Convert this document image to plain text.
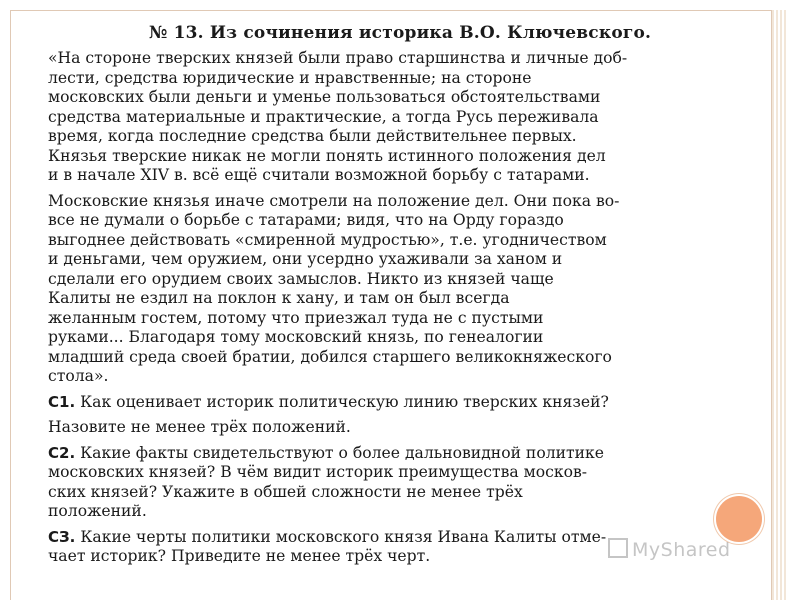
№ 13. Из сочинения историка В.О. Ключевского.

«На стороне тверских князей были право старшинства и личные доб-
лести, средства юридические и нравственные; на стороне
московских были деньги и уменье пользоваться обстоятельствами
средства материальные и практические, а тогда Русь переживала
время, когда последние средства были действительнее первых.
Князья тверские никак не могли понять истинного положения дел
и в начале XIV в. всё ещё считали возможной борьбу с татарами.

Московские князья иначе смотрели на положение дел. Они пока во-
все не думали о борьбе с татарами; видя, что на Орду гораздо
выгоднее действовать «смиренной мудростью», т.е. угодничеством
и деньгами, чем оружием, они усердно ухаживали за ханом и
сделали его орудием своих замыслов. Никто из князей чаще
Калиты не ездил на поклон к хану, и там он был всегда
желанным гостем, потому что приезжал туда не с пустыми
руками... Благодаря тому московский князь, по генеалогии
младший среда своей братии, добился старшего великокняжеского
стола».

С1. Как оценивает историк политическую линию тверских князей?

Назовите не менее трёх положений.

С2. Какие факты свидетельствуют о более дальновидной политике
московских князей? В чём видит историк преимущества москов-
ских князей? Укажите в обшей сложности не менее трёх
положений.

СЗ. Какие черты политики московского князя Ивана Калиты отме-
чает историк? Приведите не менее трёх черт.	MyShared
